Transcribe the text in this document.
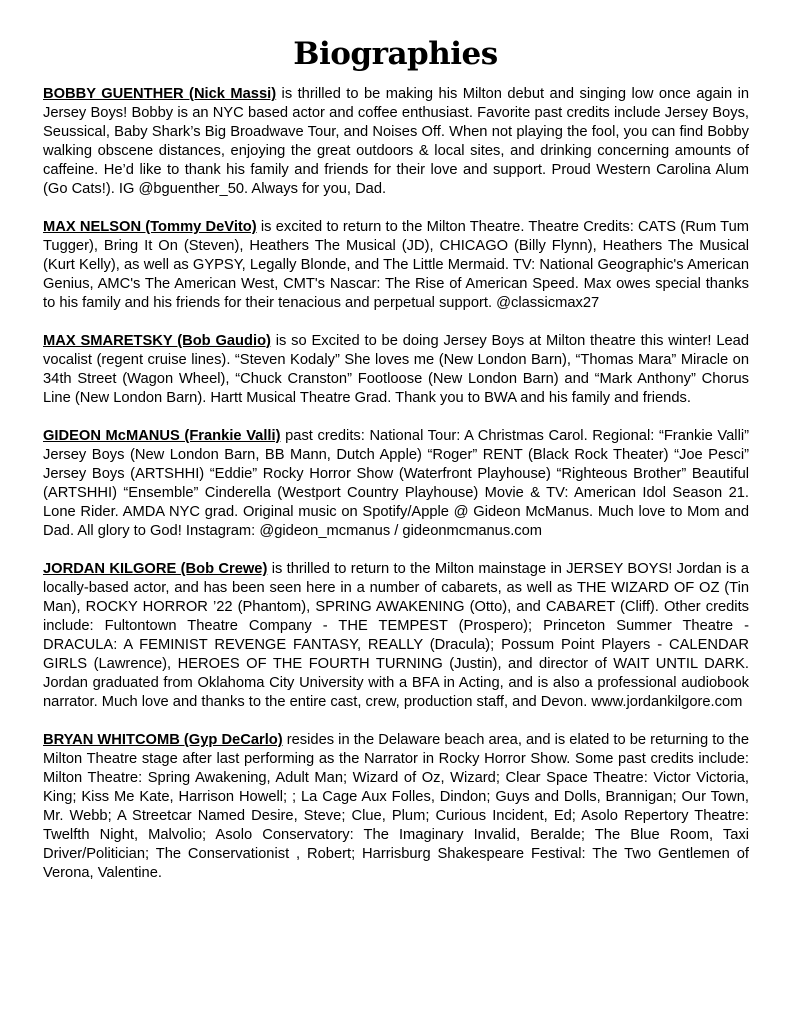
Biographies

BOBBY GUENTHER (Nick Massi) is thrilled to be making his Milton debut and singing low once again in Jersey Boys! Bobby is an NYC based actor and coffee enthusiast. Favorite past credits include Jersey Boys, Seussical, Baby Shark’s Big Broadwave Tour, and Noises Off. When not playing the fool, you can find Bobby walking obscene distances, enjoying the great outdoors & local sites, and drinking concerning amounts of caffeine. He’d like to thank his family and friends for their love and support. Proud Western Carolina Alum (Go Cats!). IG @bguenther_50. Always for you, Dad.

MAX NELSON (Tommy DeVito) is excited to return to the Milton Theatre. Theatre Credits: CATS (Rum Tum Tugger), Bring It On (Steven), Heathers The Musical (JD), CHICAGO (Billy Flynn), Heathers The Musical (Kurt Kelly), as well as GYPSY, Legally Blonde, and The Little Mermaid. TV: National Geographic's American Genius, AMC's The American West, CMT's Nascar: The Rise of American Speed. Max owes special thanks to his family and his friends for their tenacious and perpetual support. @classicmax27

MAX SMARETSKY (Bob Gaudio) is so Excited to be doing Jersey Boys at Milton theatre this winter! Lead vocalist (regent cruise lines). “Steven Kodaly” She loves me (New London Barn), “Thomas Mara” Miracle on 34th Street (Wagon Wheel), “Chuck Cranston” Footloose (New London Barn) and “Mark Anthony” Chorus Line (New London Barn). Hartt Musical Theatre Grad. Thank you to BWA and his family and friends.

GIDEON McMANUS (Frankie Valli) past credits: National Tour: A Christmas Carol. Regional: “Frankie Valli” Jersey Boys (New London Barn, BB Mann, Dutch Apple) “Roger” RENT (Black Rock Theater) “Joe Pesci” Jersey Boys (ARTSHHI) “Eddie” Rocky Horror Show (Waterfront Playhouse) “Righteous Brother” Beautiful (ARTSHHI) “Ensemble” Cinderella (Westport Country Playhouse) Movie & TV: American Idol Season 21. Lone Rider. AMDA NYC grad. Original music on Spotify/Apple @ Gideon McManus. Much love to Mom and Dad. All glory to God! Instagram: @gideon_mcmanus / gideonmcmanus.com

JORDAN KILGORE (Bob Crewe) is thrilled to return to the Milton mainstage in JERSEY BOYS! Jordan is a locally-based actor, and has been seen here in a number of cabarets, as well as THE WIZARD OF OZ (Tin Man), ROCKY HORROR ’22 (Phantom), SPRING AWAKENING (Otto), and CABARET (Cliff). Other credits include: Fultontown Theatre Company - THE TEMPEST (Prospero); Princeton Summer Theatre - DRACULA: A FEMINIST REVENGE FANTASY, REALLY (Dracula); Possum Point Players - CALENDAR GIRLS (Lawrence), HEROES OF THE FOURTH TURNING (Justin), and director of WAIT UNTIL DARK. Jordan graduated from Oklahoma City University with a BFA in Acting, and is also a professional audiobook narrator. Much love and thanks to the entire cast, crew, production staff, and Devon. www.jordankilgore.com

BRYAN WHITCOMB (Gyp DeCarlo) resides in the Delaware beach area, and is elated to be returning to the Milton Theatre stage after last performing as the Narrator in Rocky Horror Show. Some past credits include: Milton Theatre: Spring Awakening, Adult Man; Wizard of Oz, Wizard; Clear Space Theatre: Victor Victoria, King; Kiss Me Kate, Harrison Howell; ; La Cage Aux Folles, Dindon; Guys and Dolls, Brannigan; Our Town, Mr. Webb; A Streetcar Named Desire, Steve; Clue, Plum; Curious Incident, Ed; Asolo Repertory Theatre: Twelfth Night, Malvolio; Asolo Conservatory: The Imaginary Invalid, Beralde; The Blue Room, Taxi Driver/Politician; The Conservationist , Robert; Harrisburg Shakespeare Festival: The Two Gentlemen of Verona, Valentine.
